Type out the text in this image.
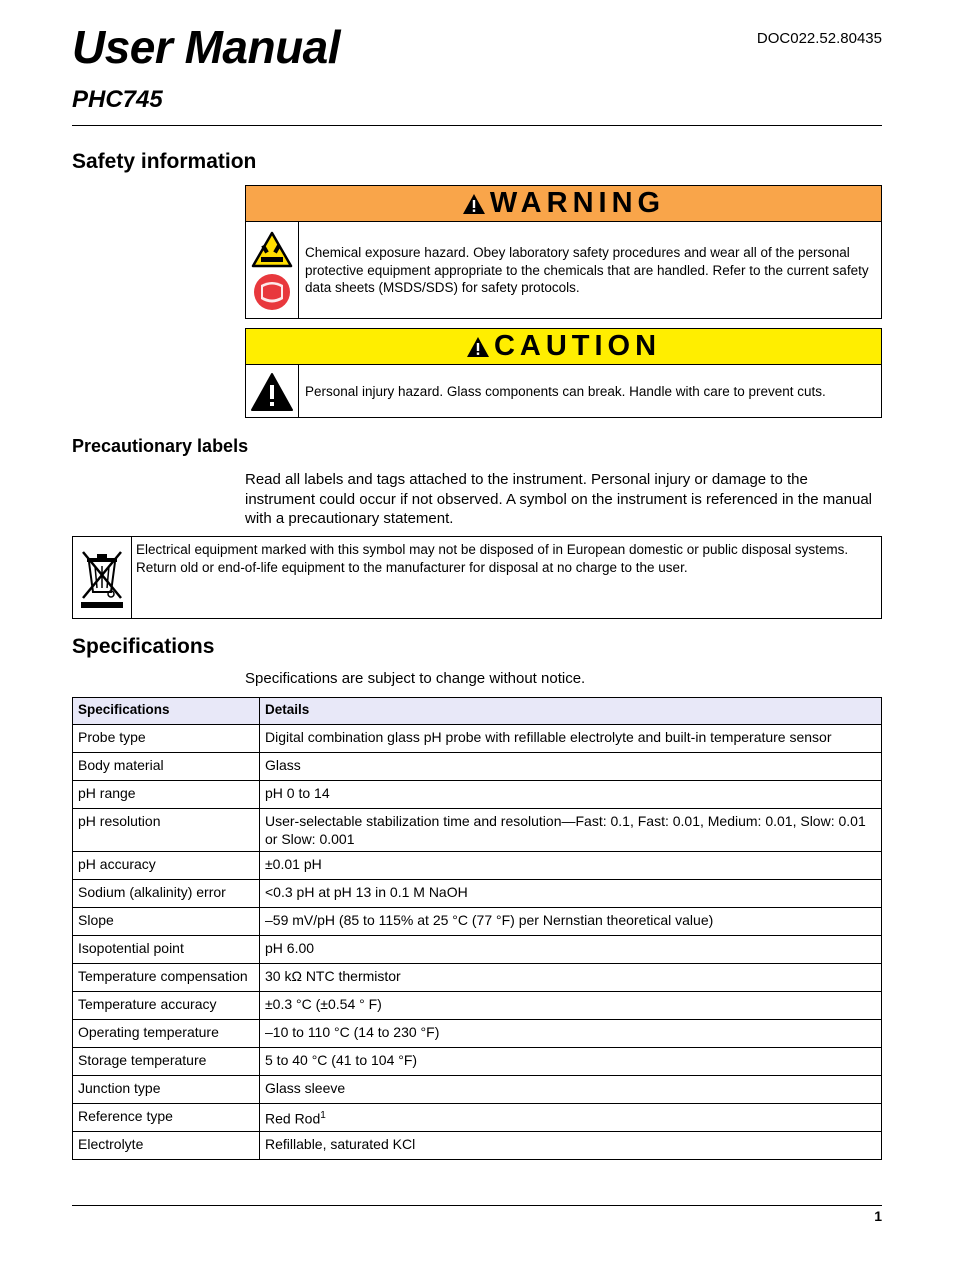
User Manual
PHC745
DOC022.52.80435
Safety information
WARNING
Chemical exposure hazard. Obey laboratory safety procedures and wear all of the personal protective equipment appropriate to the chemicals that are handled. Refer to the current safety data sheets (MSDS/SDS) for safety protocols.
CAUTION
Personal injury hazard. Glass components can break. Handle with care to prevent cuts.
Precautionary labels
Read all labels and tags attached to the instrument. Personal injury or damage to the instrument could occur if not observed. A symbol on the instrument is referenced in the manual with a precautionary statement.
Electrical equipment marked with this symbol may not be disposed of in European domestic or public disposal systems. Return old or end-of-life equipment to the manufacturer for disposal at no charge to the user.
Specifications
Specifications are subject to change without notice.
Specifications	Details
Probe type	Digital combination glass pH probe with refillable electrolyte and built-in temperature sensor
Body material	Glass
pH range	pH 0 to 14
pH resolution	User-selectable stabilization time and resolution—Fast: 0.1, Fast: 0.01, Medium: 0.01, Slow: 0.01 or Slow: 0.001
pH accuracy	±0.01 pH
Sodium (alkalinity) error	<0.3 pH at pH 13 in 0.1 M NaOH
Slope	–59 mV/pH (85 to 115% at 25 °C (77 °F) per Nernstian theoretical value)
Isopotential point	pH 6.00
Temperature compensation	30 kΩ NTC thermistor
Temperature accuracy	±0.3 °C (±0.54 ° F)
Operating temperature	–10 to 110 °C (14 to 230 °F)
Storage temperature	5 to 40 °C (41 to 104 °F)
Junction type	Glass sleeve
Reference type	Red Rod$^1$
Electrolyte	Refillable, saturated KCl
1
